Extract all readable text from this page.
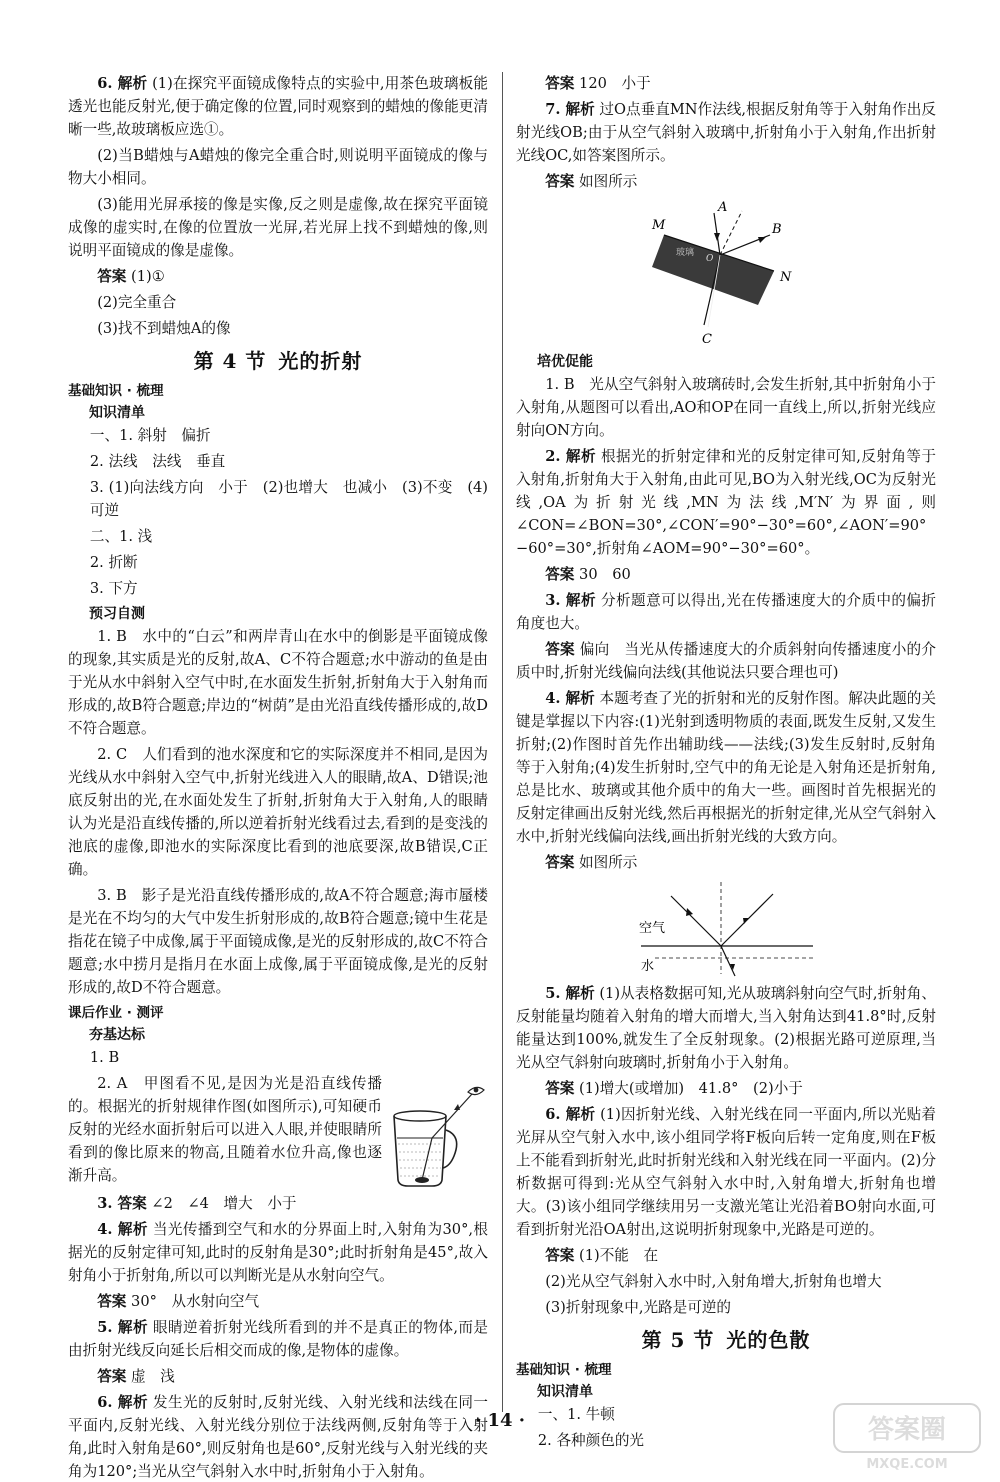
6. 解析 (1)在探究平面镜成像特点的实验中,用茶色玻璃板能透光也能反射光,便于确定像的位置,同时观察到的蜡烛的像能更清晰一些,故玻璃板应选①。

(2)当B蜡烛与A蜡烛的像完全重合时,则说明平面镜成的像与物大小相同。

(3)能用光屏承接的像是实像,反之则是虚像,故在探究平面镜成像的虚实时,在像的位置放一光屏,若光屏上找不到蜡烛的像,则说明平面镜成的像是虚像。

答案 (1)①

(2)完全重合

(3)找不到蜡烛A的像

第 4 节 光的折射
基础知识 · 梳理
知识清单

一、1. 斜射　偏折

2. 法线　法线　垂直

3. (1)向法线方向　小于　(2)也增大　也减小　(3)不变　(4)可逆

二、1. 浅

2. 折断

3. 下方

预习自测

1. B　水中的“白云”和两岸青山在水中的倒影是平面镜成像的现象,其实质是光的反射,故A、C不符合题意;水中游动的鱼是由于光从水中斜射入空气中时,在水面发生折射,折射角大于入射角而形成的,故B符合题意;岸边的“树荫”是由光沿直线传播形成的,故D不符合题意。

2. C　人们看到的池水深度和它的实际深度并不相同,是因为光线从水中斜射入空气中,折射光线进入人的眼睛,故A、D错误;池底反射出的光,在水面处发生了折射,折射角大于入射角,人的眼睛认为光是沿直线传播的,所以逆着折射光线看过去,看到的是变浅的池底的虚像,即池水的实际深度比看到的池底要深,故B错误,C正确。

3. B　影子是光沿直线传播形成的,故A不符合题意;海市蜃楼是光在不均匀的大气中发生折射形成的,故B符合题意;镜中生花是指花在镜子中成像,属于平面镜成像,是光的反射形成的,故C不符合题意;水中捞月是指月在水面上成像,属于平面镜成像,是光的反射形成的,故D不符合题意。

课后作业 · 测评
夯基达标

1. B

2. A　甲图看不见,是因为光是沿直线传播的。根据光的折射规律作图(如图所示),可知硬币反射的光经水面折射后可以进入人眼,并使眼睛所看到的像比原来的物高,且随着水位升高,像也逐渐升高。

3. 答案 ∠2　∠4　增大　小于

4. 解析 当光传播到空气和水的分界面上时,入射角为30°,根据光的反射定律可知,此时的反射角是30°;此时折射角是45°,故入射角小于折射角,所以可以判断光是从水射向空气。

答案 30°　从水射向空气

5. 解析 眼睛逆着折射光线所看到的并不是真正的物体,而是由折射光线反向延长后相交而成的像,是物体的虚像。

答案 虚　浅

6. 解析 发生光的反射时,反射光线、入射光线和法线在同一平面内,反射光线、入射光线分别位于法线两侧,反射角等于入射角,此时入射角是60°,则反射角也是60°,反射光线与入射光线的夹角为120°;当光从空气斜射入水中时,折射角小于入射角。

答案 120　小于

7. 解析 过O点垂直MN作法线,根据反射角等于入射角作出反射光线OB;由于从空气斜射入玻璃中,折射角小于入射角,作出折射光线OC,如答案图所示。

答案 如图所示

玻璃
M
N
A
B
C
O
培优促能

1. B　光从空气斜射入玻璃砖时,会发生折射,其中折射角小于入射角,从题图可以看出,AO和OP在同一直线上,所以,折射光线应射向ON方向。

2. 解析 根据光的折射定律和光的反射定律可知,反射角等于入射角,折射角大于入射角,由此可见,BO为入射光线,OC为反射光线,OA为折射光线,MN为法线,M′N′为界面,则∠CON=∠BON=30°,∠CON′=90°−30°=60°,∠AON′=90°−60°=30°,折射角∠AOM=90°−30°=60°。

答案 30　60

3. 解析 分析题意可以得出,光在传播速度大的介质中的偏折角度也大。

答案 偏向　当光从传播速度大的介质斜射向传播速度小的介质中时,折射光线偏向法线(其他说法只要合理也可)

4. 解析 本题考查了光的折射和光的反射作图。解决此题的关键是掌握以下内容:(1)光射到透明物质的表面,既发生反射,又发生折射;(2)作图时首先作出辅助线——法线;(3)发生反射时,反射角等于入射角;(4)发生折射时,空气中的角无论是入射角还是折射角,总是比水、玻璃或其他介质中的角大一些。画图时首先根据光的反射定律画出反射光线,然后再根据光的折射定律,光从空气斜射入水中,折射光线偏向法线,画出折射光线的大致方向。

答案 如图所示

空气
水

5. 解析 (1)从表格数据可知,光从玻璃斜射向空气时,折射角、反射能量均随着入射角的增大而增大,当入射角达到41.8°时,反射能量达到100%,就发生了全反射现象。(2)根据光路可逆原理,当光从空气斜射向玻璃时,折射角小于入射角。

答案 (1)增大(或增加)　41.8°　(2)小于

6. 解析 (1)因折射光线、入射光线在同一平面内,所以光贴着光屏从空气射入水中,该小组同学将F板向后转一定角度,则在F板上不能看到折射光,此时折射光线和入射光线在同一平面内。(2)分析数据可得到:光从空气斜射入水中时,入射角增大,折射角也增大。(3)该小组同学继续用另一支激光笔让光沿着BO射向水面,可看到折射光沿OA射出,这说明折射现象中,光路是可逆的。

答案 (1)不能　在

(2)光从空气斜射入水中时,入射角增大,折射角也增大

(3)折射现象中,光路是可逆的

第 5 节 光的色散
基础知识 · 梳理
知识清单

一、1. 牛顿

2. 各种颜色的光

· 14 ·	答案圈
MXQE.COM
